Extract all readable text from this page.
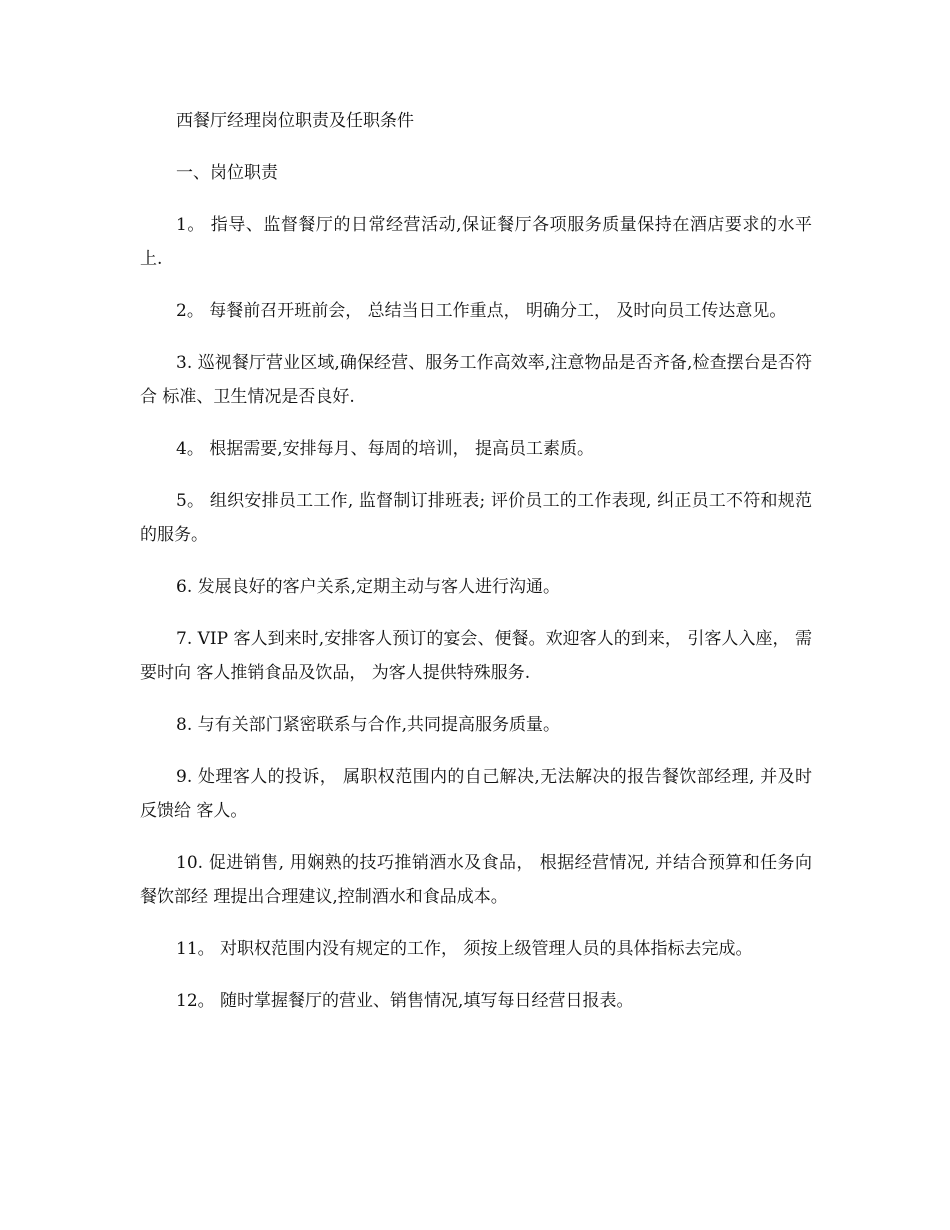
西餐厅经理岗位职责及任职条件

一、岗位职责

1。 指导、监督餐厅的日常经营活动,保证餐厅各项服务质量保持在酒店要求的水平上.

2。 每餐前召开班前会， 总结当日工作重点， 明确分工， 及时向员工传达意见。

3. 巡视餐厅营业区域,确保经营、服务工作高效率,注意物品是否齐备,检查摆台是否符合 标准、卫生情况是否良好.

4。 根据需要,安排每月、每周的培训， 提高员工素质。

5。 组织安排员工工作, 监督制订排班表; 评价员工的工作表现, 纠正员工不符和规范的服务。

6. 发展良好的客户关系,定期主动与客人进行沟通。

7. VIP 客人到来时,安排客人预订的宴会、便餐。欢迎客人的到来， 引客人入座， 需要时向 客人推销食品及饮品， 为客人提供特殊服务.

8. 与有关部门紧密联系与合作,共同提高服务质量。

9. 处理客人的投诉， 属职权范围内的自己解决,无法解决的报告餐饮部经理, 并及时反馈给 客人。

10. 促进销售, 用娴熟的技巧推销酒水及食品， 根据经营情况, 并结合预算和任务向餐饮部经 理提出合理建议,控制酒水和食品成本。

11。 对职权范围内没有规定的工作， 须按上级管理人员的具体指标去完成。

12。 随时掌握餐厅的营业、销售情况,填写每日经营日报表。
